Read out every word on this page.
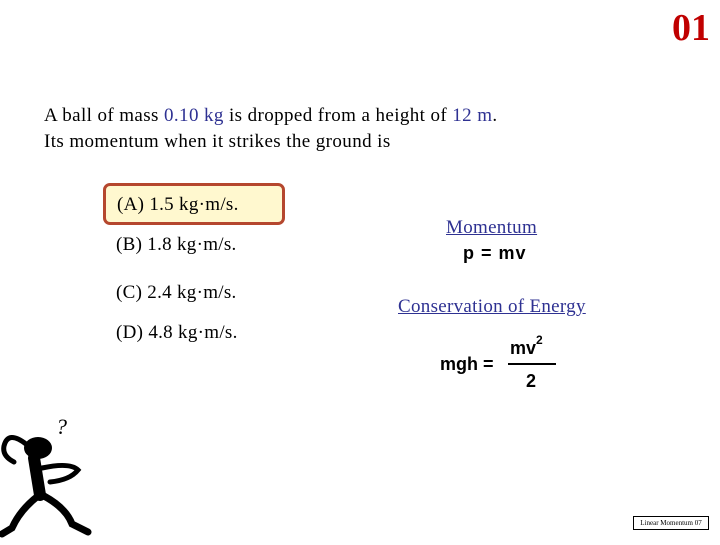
01
A ball of mass 0.10 kg is dropped from a height of 12 m.
Its momentum when it strikes the ground is
(A) 1.5 kg·m/s.
(B) 1.8 kg·m/s.
(C) 2.4 kg·m/s.
(D) 4.8 kg·m/s.
Momentum
p = mv
Conservation of Energy
mgh =
$mv^2$
2
?
Linear Momentum 07
